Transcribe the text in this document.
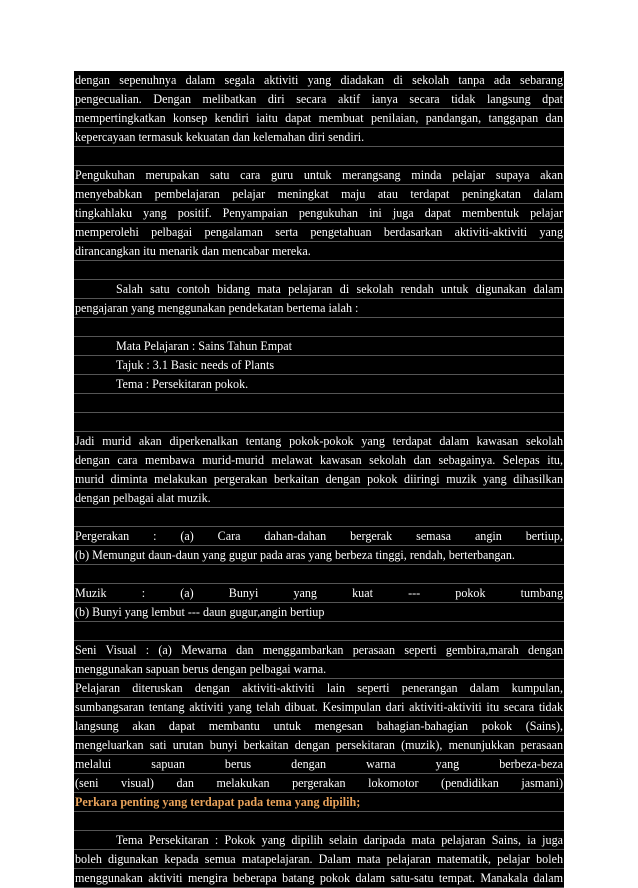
dengan sepenuhnya dalam segala aktiviti yang diadakan di sekolah tanpa ada sebarang
pengecualian. Dengan melibatkan diri secara aktif ianya secara tidak langsung dpat
mempertingkatkan konsep kendiri iaitu dapat membuat penilaian, pandangan, tanggapan dan
kepercayaan termasuk kekuatan dan kelemahan diri sendiri.
Pengukuhan merupakan satu cara guru untuk merangsang minda pelajar supaya akan
menyebabkan pembelajaran pelajar meningkat maju atau terdapat peningkatan dalam
tingkahlaku yang positif. Penyampaian pengukuhan ini juga dapat membentuk pelajar
memperolehi pelbagai pengalaman serta pengetahuan berdasarkan aktiviti-aktiviti yang
dirancangkan itu menarik dan mencabar mereka.
Salah satu contoh bidang mata pelajaran di sekolah rendah untuk digunakan dalam
pengajaran yang menggunakan pendekatan bertema ialah :
Mata Pelajaran : Sains Tahun Empat
Tajuk : 3.1 Basic needs of Plants
Tema : Persekitaran pokok.
Jadi murid akan diperkenalkan tentang pokok-pokok yang terdapat dalam kawasan sekolah
dengan cara membawa murid-murid melawat kawasan sekolah dan sebagainya. Selepas itu,
murid diminta melakukan pergerakan berkaitan dengan pokok diiringi muzik yang dihasilkan
dengan pelbagai alat muzik.
Pergerakan : (a) Cara dahan-dahan bergerak semasa angin bertiup,
(b) Memungut daun-daun yang gugur pada aras yang berbeza tinggi, rendah, berterbangan.
Muzik : (a) Bunyi yang kuat --- pokok tumbang
(b) Bunyi yang lembut --- daun gugur,angin bertiup
Seni Visual : (a) Mewarna dan menggambarkan perasaan seperti gembira,marah dengan
menggunakan sapuan berus dengan pelbagai warna.
Pelajaran diteruskan dengan aktiviti-aktiviti lain seperti penerangan dalam kumpulan,
sumbangsaran tentang aktiviti yang telah dibuat. Kesimpulan dari aktiviti-aktiviti itu secara tidak
langsung akan dapat membantu untuk mengesan bahagian-bahagian pokok (Sains),
mengeluarkan sati urutan bunyi berkaitan dengan persekitaran (muzik), menunjukkan perasaan
melalui sapuan berus dengan warna yang berbeza-beza
(seni visual) dan melakukan pergerakan lokomotor (pendidikan jasmani)
Perkara penting yang terdapat pada tema yang dipilih;
Tema Persekitaran : Pokok yang dipilih selain daripada mata pelajaran Sains, ia juga
boleh digunakan kepada semua matapelajaran. Dalam mata pelajaran matematik, pelajar boleh
menggunakan aktiviti mengira beberapa batang pokok dalam satu-satu tempat. Manakala dalam
